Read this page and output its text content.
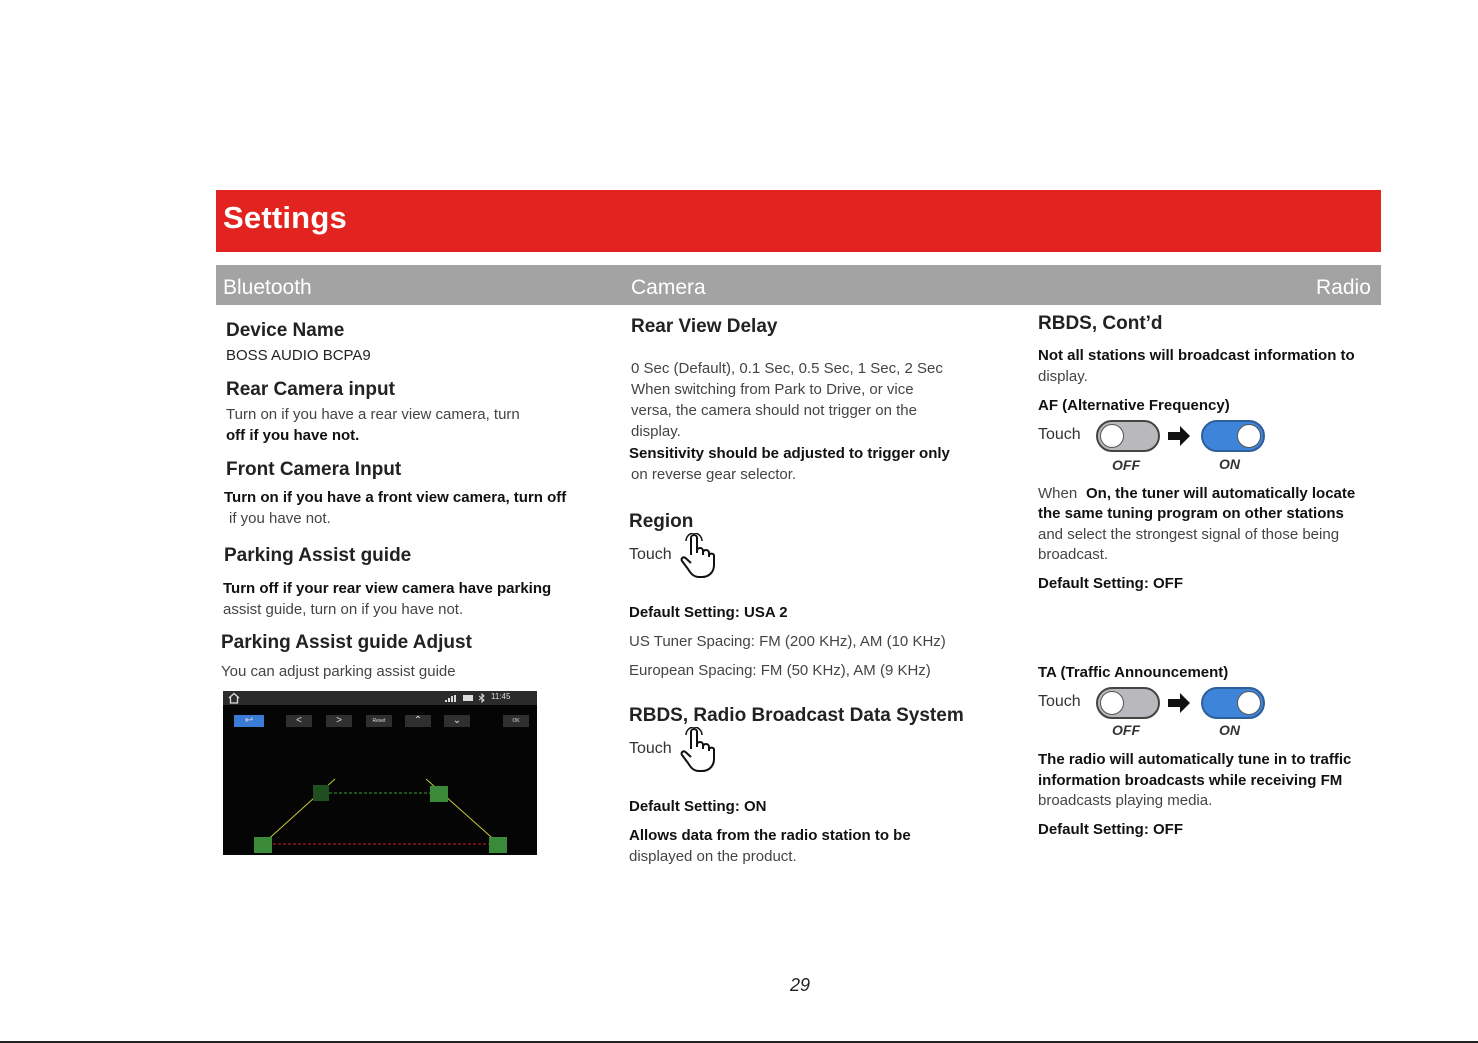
Settings
Bluetooth	Camera	Radio
Device Name
BOSS AUDIO BCPA9
Rear Camera input
Turn on if you have a rear view camera, turn
off if you have not.
Front Camera Input
Turn on if you have a front view camera, turn off
if you have not.
Parking Assist guide
Turn off if your rear view camera have parking
assist guide, turn on if you have not.
Parking Assist guide Adjust
You can adjust parking assist guide
11:45
↩	<	>	Reset	⌃	⌄	OK
Rear View Delay
0 Sec (Default), 0.1 Sec, 0.5 Sec, 1 Sec, 2 Sec
When switching from Park to Drive, or vice
versa, the camera should not trigger on the
display.
Sensitivity should be adjusted to trigger only
on reverse gear selector.
Region
Touch
Default Setting: USA 2
US Tuner Spacing: FM (200 KHz), AM (10 KHz)
European Spacing: FM (50 KHz), AM (9 KHz)
RBDS, Radio Broadcast Data System
Touch
Default Setting: ON
Allows data from the radio station to be
displayed on the product.
RBDS, Cont’d
Not all stations will broadcast information to
display.
AF (Alternative Frequency)
Touch
OFF	ON
When On, the tuner will automatically locate
the same tuning program on other stations
and select the strongest signal of those being
broadcast.
Default Setting: OFF
TA (Traffic Announcement)
Touch
OFF	ON
The radio will automatically tune in to traffic
information broadcasts while receiving FM
broadcasts playing media.
Default Setting: OFF
29
